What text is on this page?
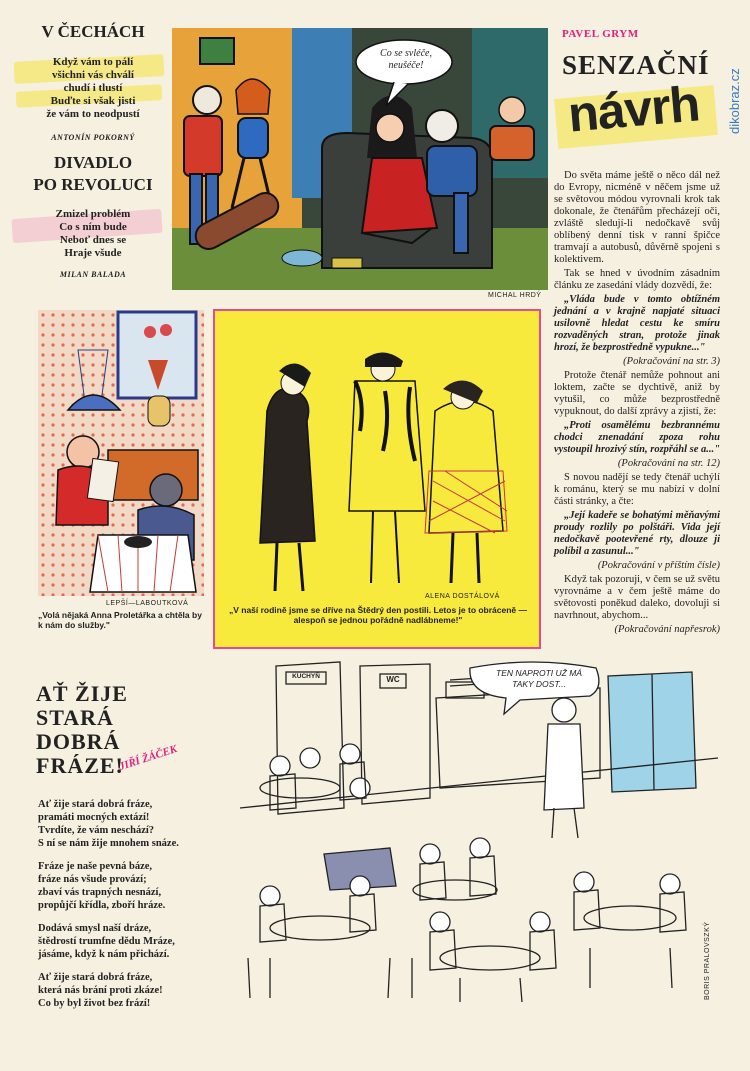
dikobraz.cz
V ČECHÁCH
Když vám to pálí
všichni vás chválí
chudí i tlustí
Buďte si však jisti
že vám to neodpustí
ANTONÍN POKORNÝ
DIVADLO
PO REVOLUCI
Zmizel problém
Co s ním bude
Neboť dnes se
Hraje všude
MILAN BALADA
Co se svléče, neušéče!
MICHAL HRDÝ
PAVEL GRYM
SENZAČNÍ
návrh

Do světa máme ještě o něco dál než do Evropy, nicméně v něčem jsme už se světovou módou vyrovnali krok tak dokonale, že čtenářům přecházejí oči, zvláště sledují-li nedočkavě svůj oblíbený denní tisk v ranní špičce tramvají a autobusů, důvěrně spojeni s kolektivem.

Tak se hned v úvodním zásadním článku ze zasedání vlády dozvědí, že:

„Vláda bude v tomto obtížném jednání a v krajně napjaté situaci usilovně hledat cestu ke smíru rozvaděných stran, protože jinak hrozí, že bezprostředně vypukne..."

(Pokračování na str. 3)

Protože čtenář nemůže pohnout ani loktem, začte se dychtivě, aniž by vytušil, co může bezprostředně vypuknout, do další zprávy a zjistí, že:

„Proti osamělému bezbrannému chodci znenadání zpoza rohu vystoupil hrozivý stín, rozpřáhl se a..."

(Pokračování na str. 12)

S novou nadějí se tedy čtenář uchýlí k románu, který se mu nabízí v dolní části stránky, a čte:

„Její kadeře se bohatými měňavými proudy rozlily po polštáři. Vida její nedočkavě pootevřené rty, dlouze ji políbil a zasunul..."

(Pokračování v příštím čísle)

Když tak pozoruji, v čem se už světu vyrovnáme a v čem ještě máme do světovosti poněkud daleko, dovoluji si navrhnout, abychom...

(Pokračování napřesrok)

LEPŠÍ—LABOUTKOVÁ
„Volá nějaká Anna Proletářka a chtěla by k nám do služby."
ALENA DOSTÁLOVÁ
„V naší rodině jsme se dříve na Štědrý den postili. Letos je to obráceně — alespoň se jednou pořádně nadlábneme!"
AŤ ŽIJE
STARÁ
DOBRÁ
FRÁZE!
JIŘÍ ŽÁČEK

Ať žije stará dobrá fráze,
pramáti mocných extází!
Tvrdíte, že vám neschází?
S ní se nám žije mnohem snáze.

Fráze je naše pevná báze,
fráze nás všude provází;
zbaví vás trapných nesnází,
propůjčí křídla, zboří hráze.

Dodává smysl naší dráze,
štědrostí trumfne dědu Mráze,
jásáme, když k nám přichází.

Ať žije stará dobrá fráze,
která nás brání proti zkáze!
Co by byl život bez frází!

TEN NAPROTI UŽ MÁ TAKY DOST...
KUCHYŇ	WC
BORIS PRALOVSZKÝ
